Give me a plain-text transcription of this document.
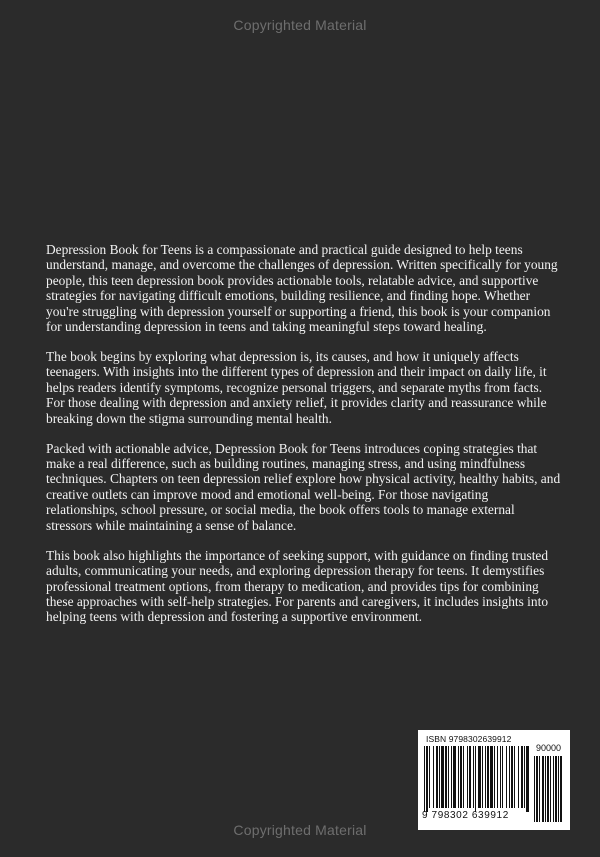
Copyrighted Material

Depression Book for Teens is a compassionate and practical guide designed to help teens understand, manage, and overcome the challenges of depression. Written specifically for young people, this teen depression book provides actionable tools, relatable advice, and supportive strategies for navigating difficult emotions, building resilience, and finding hope. Whether you're struggling with depression yourself or supporting a friend, this book is your companion for understanding depression in teens and taking meaningful steps toward healing.

The book begins by exploring what depression is, its causes, and how it uniquely affects teenagers. With insights into the different types of depression and their impact on daily life, it helps readers identify symptoms, recognize personal triggers, and separate myths from facts. For those dealing with depression and anxiety relief, it provides clarity and reassurance while breaking down the stigma surrounding mental health.

Packed with actionable advice, Depression Book for Teens introduces coping strategies that make a real difference, such as building routines, managing stress, and using mindfulness techniques. Chapters on teen depression relief explore how physical activity, healthy habits, and creative outlets can improve mood and emotional well-being. For those navigating relationships, school pressure, or social media, the book offers tools to manage external stressors while maintaining a sense of balance.

This book also highlights the importance of seeking support, with guidance on finding trusted adults, communicating your needs, and exploring depression therapy for teens. It demystifies professional treatment options, from therapy to medication, and provides tips for combining these approaches with self-help strategies. For parents and caregivers, it includes insights into helping teens with depression and fostering a supportive environment.

ISBN 9798302639912
90000
9 798302 639912
Copyrighted Material
